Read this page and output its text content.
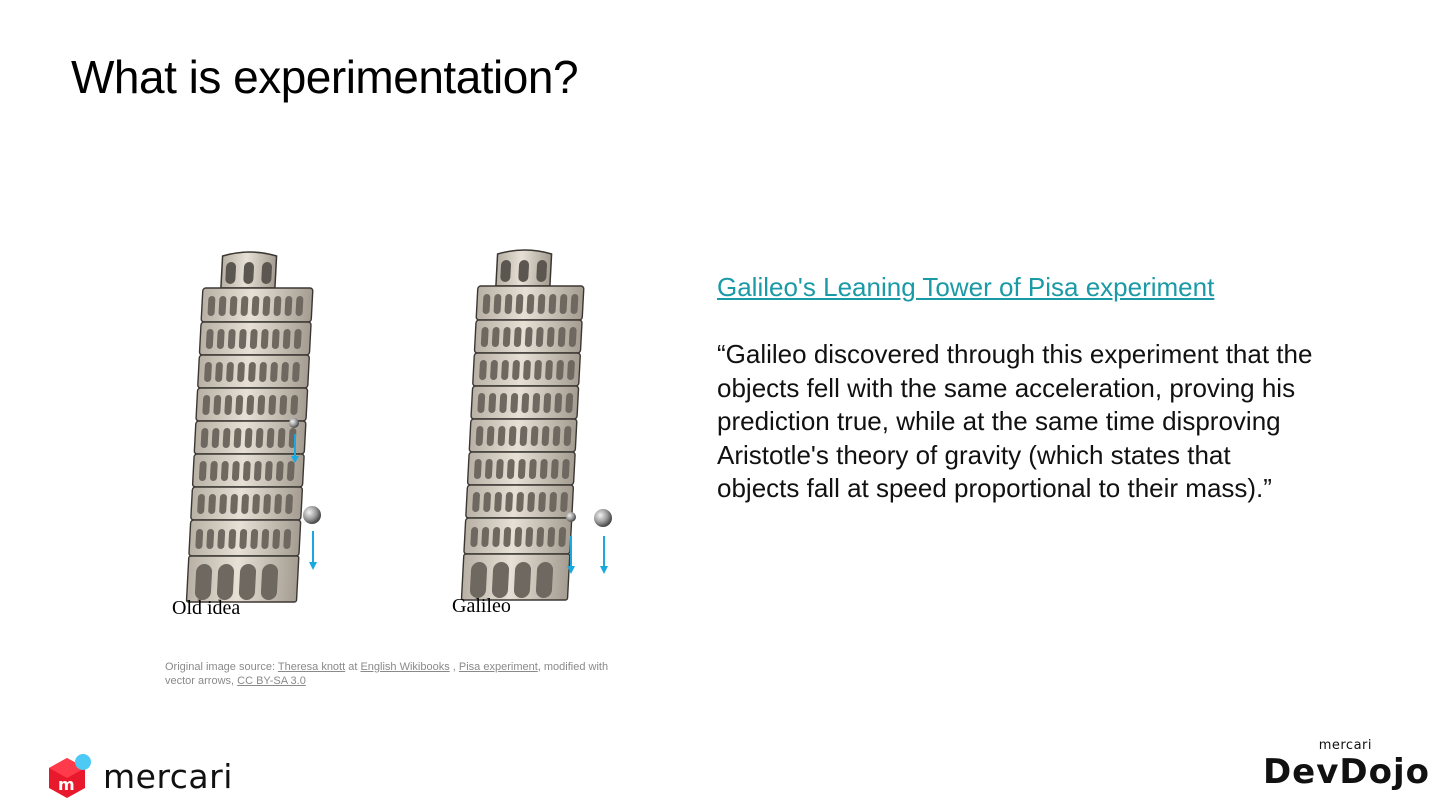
What is experimentation?
Old idea	Galileo
Original image source: Theresa knott at English Wikibooks , Pisa experiment, modified with vector arrows, CC BY-SA 3.0
Galileo's Leaning Tower of Pisa experiment
“Galileo discovered through this experiment that the objects fell with the same acceleration, proving his prediction true, while at the same time disproving Aristotle's theory of gravity (which states that objects fall at speed proportional to their mass).”
m mercari
mercari
DevDojo
